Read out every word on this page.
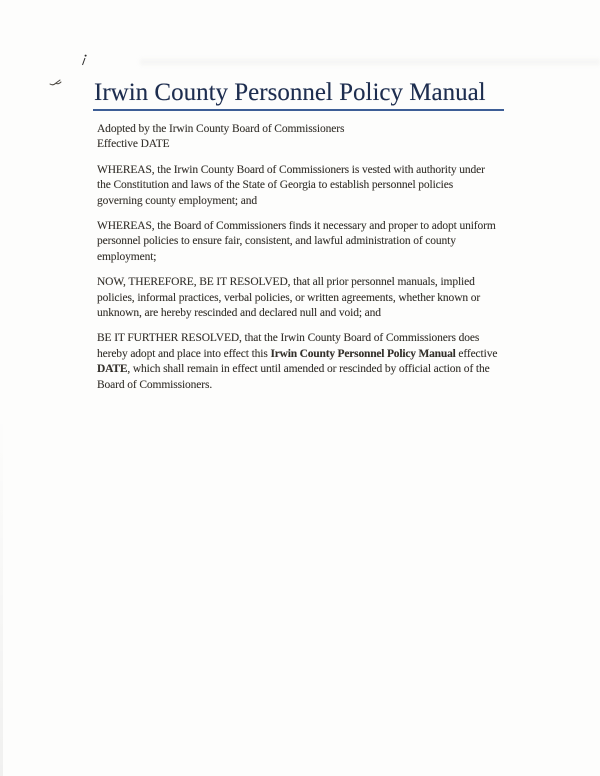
Irwin County Personnel Policy Manual
Adopted by the Irwin County Board of Commissioners
Effective DATE
WHEREAS, the Irwin County Board of Commissioners is vested with authority under
the Constitution and laws of the State of Georgia to establish personnel policies
governing county employment; and
WHEREAS, the Board of Commissioners finds it necessary and proper to adopt uniform
personnel policies to ensure fair, consistent, and lawful administration of county
employment;
NOW, THEREFORE, BE IT RESOLVED, that all prior personnel manuals, implied
policies, informal practices, verbal policies, or written agreements, whether known or
unknown, are hereby rescinded and declared null and void; and
BE IT FURTHER RESOLVED, that the Irwin County Board of Commissioners does
hereby adopt and place into effect this Irwin County Personnel Policy Manual effective
DATE, which shall remain in effect until amended or rescinded by official action of the
Board of Commissioners.
